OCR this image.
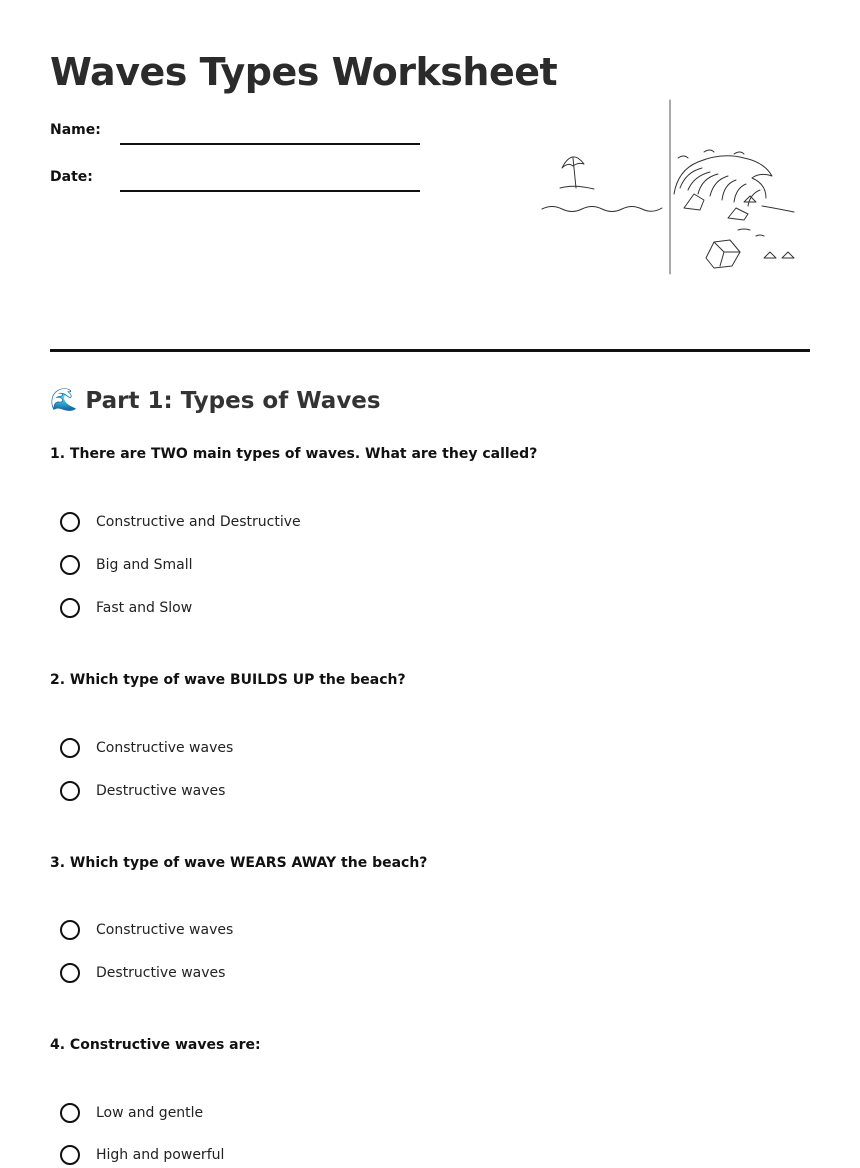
Waves Types Worksheet
Name:
Date:
🌊 Part 1: Types of Waves

1. There are TWO main types of waves. What are they called?

Constructive and Destructive
Big and Small
Fast and Slow

2. Which type of wave BUILDS UP the beach?

Constructive waves
Destructive waves

3. Which type of wave WEARS AWAY the beach?

Constructive waves
Destructive waves

4. Constructive waves are:

Low and gentle
High and powerful
